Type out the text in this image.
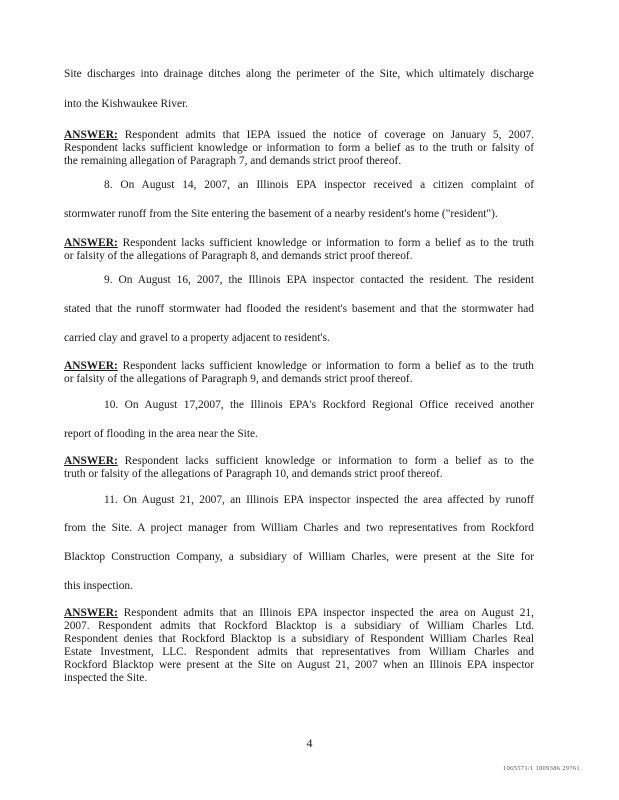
Site discharges into drainage ditches along the perimeter of the Site, which ultimately discharge
into the Kishwaukee River.
ANSWER: Respondent admits that IEPA issued the notice of coverage on January 5, 2007.
Respondent lacks sufficient knowledge or information to form a belief as to the truth or falsity of
the remaining allegation of Paragraph 7, and demands strict proof thereof.
8. On August 14, 2007, an Illinois EPA inspector received a citizen complaint of
stormwater runoff from the Site entering the basement of a nearby resident's home ("resident").
ANSWER: Respondent lacks sufficient knowledge or information to form a belief as to the truth
or falsity of the allegations of Paragraph 8, and demands strict proof thereof.
9. On August 16, 2007, the Illinois EPA inspector contacted the resident. The resident
stated that the runoff stormwater had flooded the resident's basement and that the stormwater had
carried clay and gravel to a property adjacent to resident's.
ANSWER: Respondent lacks sufficient knowledge or information to form a belief as to the truth
or falsity of the allegations of Paragraph 9, and demands strict proof thereof.
10. On August 17,2007, the Illinois EPA's Rockford Regional Office received another
report of flooding in the area near the Site.
ANSWER: Respondent lacks sufficient knowledge or information to form a belief as to the
truth or falsity of the allegations of Paragraph 10, and demands strict proof thereof.
11. On August 21, 2007, an Illinois EPA inspector inspected the area affected by runoff
from the Site. A project manager from William Charles and two representatives from Rockford
Blacktop Construction Company, a subsidiary of William Charles, were present at the Site for
this inspection.
ANSWER: Respondent admits that an Illinois EPA inspector inspected the area on August 21,
2007. Respondent admits that Rockford Blacktop is a subsidiary of William Charles Ltd.
Respondent denies that Rockford Blacktop is a subsidiary of Respondent William Charles Real
Estate Investment, LLC. Respondent admits that representatives from William Charles and
Rockford Blacktop were present at the Site on August 21, 2007 when an Illinois EPA inspector
inspected the Site.
4
1065571/1 1009386 29761
